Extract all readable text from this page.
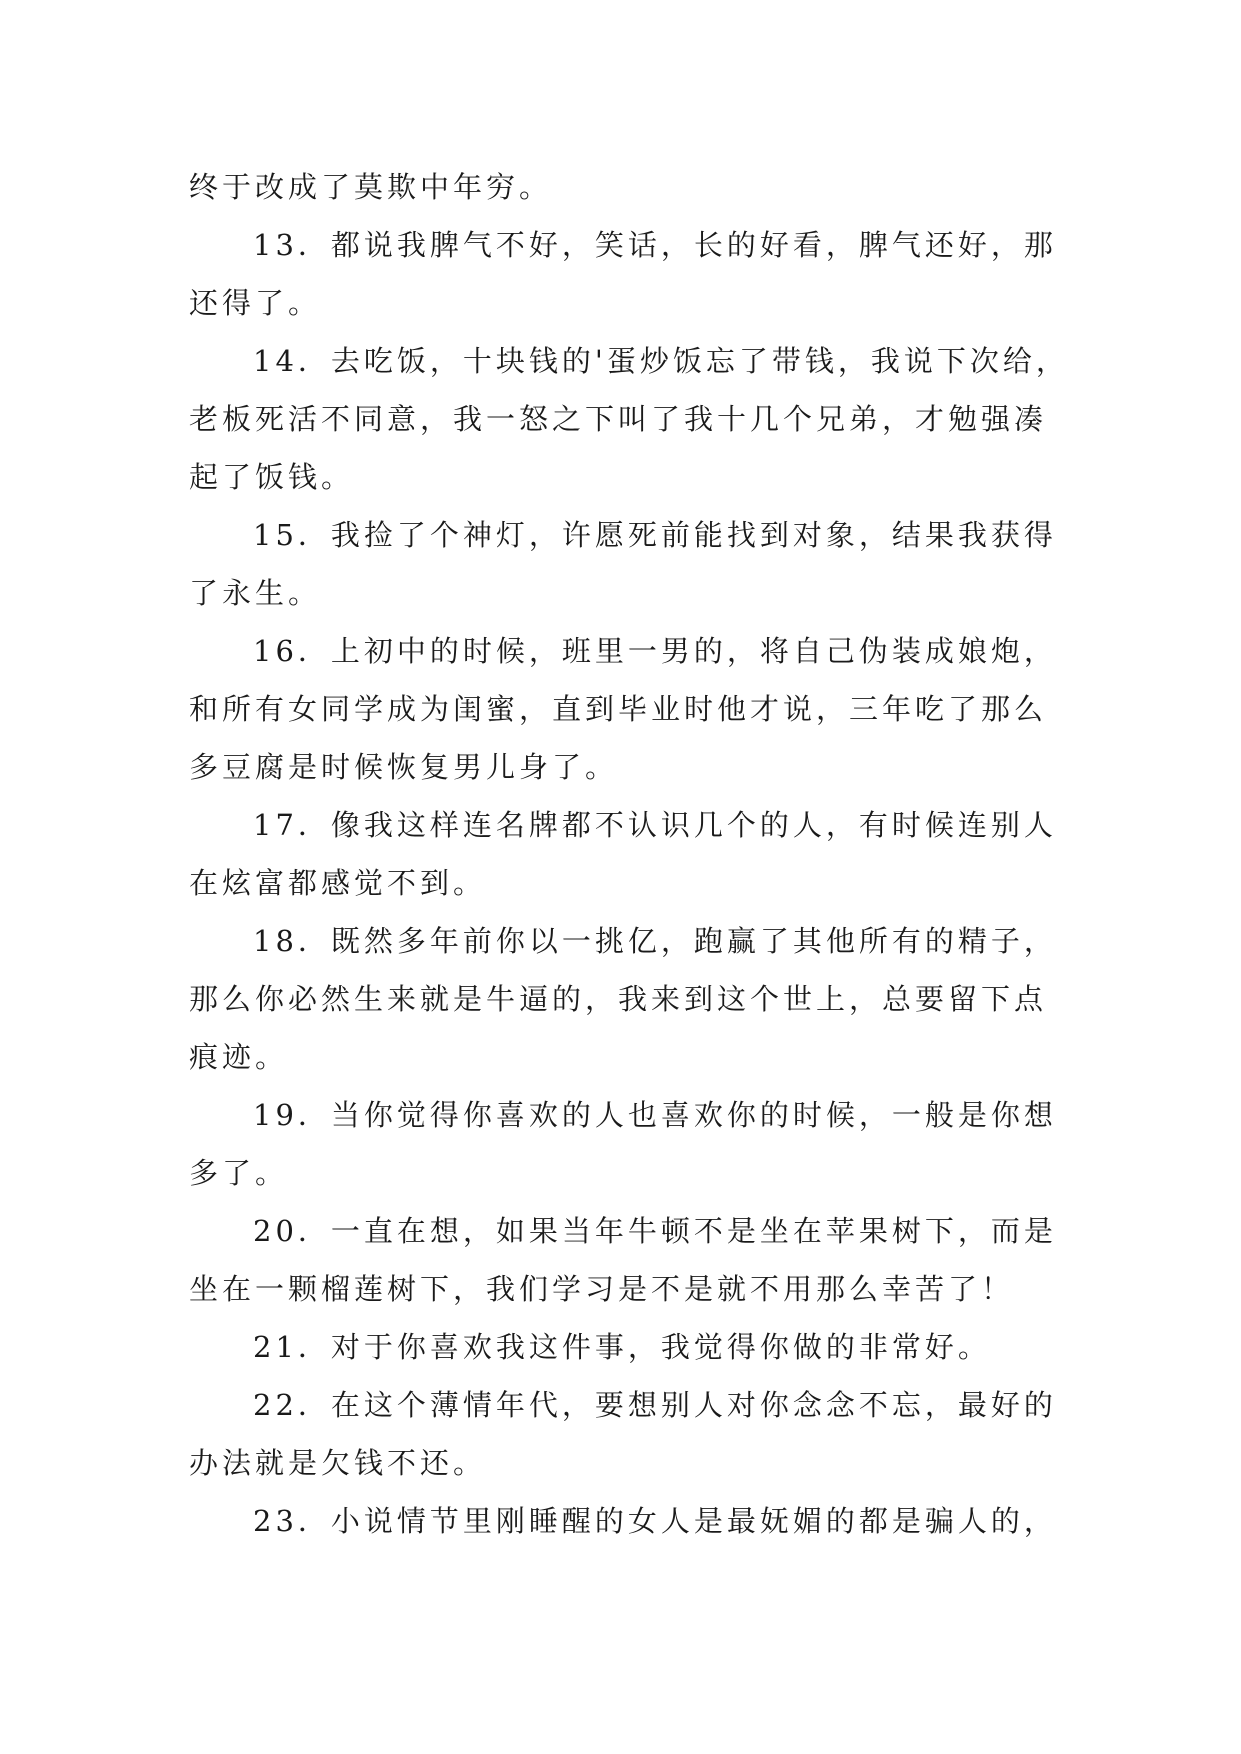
终于改成了莫欺中年穷。
13．都说我脾气不好，笑话，长的好看，脾气还好，那
还得了。
14．去吃饭，十块钱的'蛋炒饭忘了带钱，我说下次给，
老板死活不同意，我一怒之下叫了我十几个兄弟，才勉强凑
起了饭钱。
15．我捡了个神灯，许愿死前能找到对象，结果我获得
了永生。
16．上初中的时候，班里一男的，将自己伪装成娘炮，
和所有女同学成为闺蜜，直到毕业时他才说，三年吃了那么
多豆腐是时候恢复男儿身了。
17．像我这样连名牌都不认识几个的人，有时候连别人
在炫富都感觉不到。
18．既然多年前你以一挑亿，跑赢了其他所有的精子，
那么你必然生来就是牛逼的，我来到这个世上，总要留下点
痕迹。
19．当你觉得你喜欢的人也喜欢你的时候，一般是你想
多了。
20．一直在想，如果当年牛顿不是坐在苹果树下，而是
坐在一颗榴莲树下，我们学习是不是就不用那么幸苦了！
21．对于你喜欢我这件事，我觉得你做的非常好。
22．在这个薄情年代，要想别人对你念念不忘，最好的
办法就是欠钱不还。
23．小说情节里刚睡醒的女人是最妩媚的都是骗人的，
